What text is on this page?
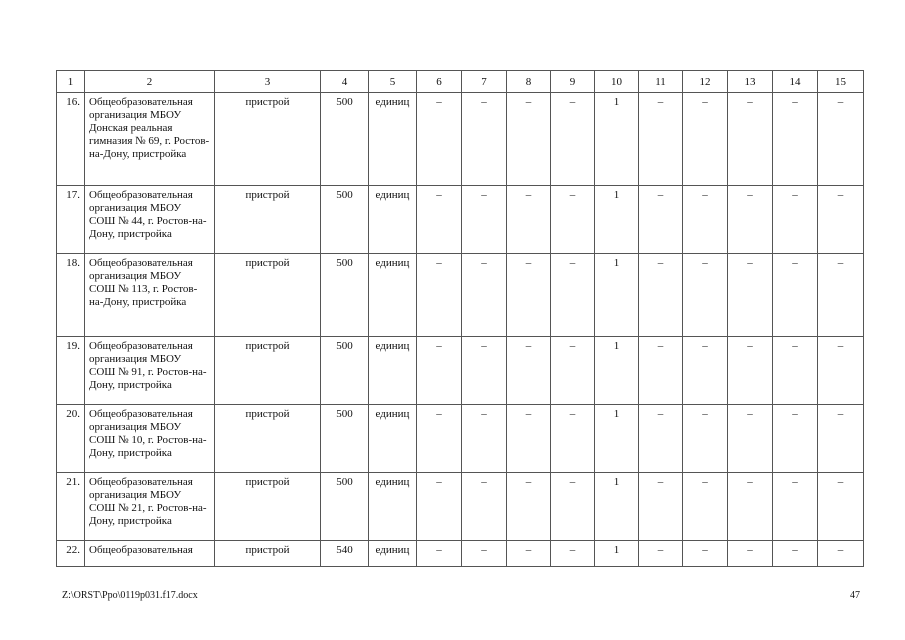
1	2	3	4	5	6	7	8	9	10	11	12	13	14	15
16.	Общеобразовательная организация МБОУ Донская реальная гимназия № 69, г. Ростов-на-Дону, пристройка	пристрой	500	единиц	–	–	–	–	1	–	–	–	–	–
17.	Общеобразовательная организация МБОУ СОШ № 44, г. Ростов-на-Дону, пристройка	пристрой	500	единиц	–	–	–	–	1	–	–	–	–	–
18.	Общеобразовательная организация МБОУ СОШ № 113, г. Ростов-на-Дону, пристройка	пристрой	500	единиц	–	–	–	–	1	–	–	–	–	–
19.	Общеобразовательная организация МБОУ СОШ № 91, г. Ростов-на-Дону, пристройка	пристрой	500	единиц	–	–	–	–	1	–	–	–	–	–
20.	Общеобразовательная организация МБОУ СОШ № 10, г. Ростов-на-Дону, пристройка	пристрой	500	единиц	–	–	–	–	1	–	–	–	–	–
21.	Общеобразовательная организация МБОУ СОШ № 21, г. Ростов-на-Дону, пристройка	пристрой	500	единиц	–	–	–	–	1	–	–	–	–	–
22.	Общеобразовательная	пристрой	540	единиц	–	–	–	–	1	–	–	–	–	–
Z:\ORST\Ppo\0119p031.f17.docx	47
